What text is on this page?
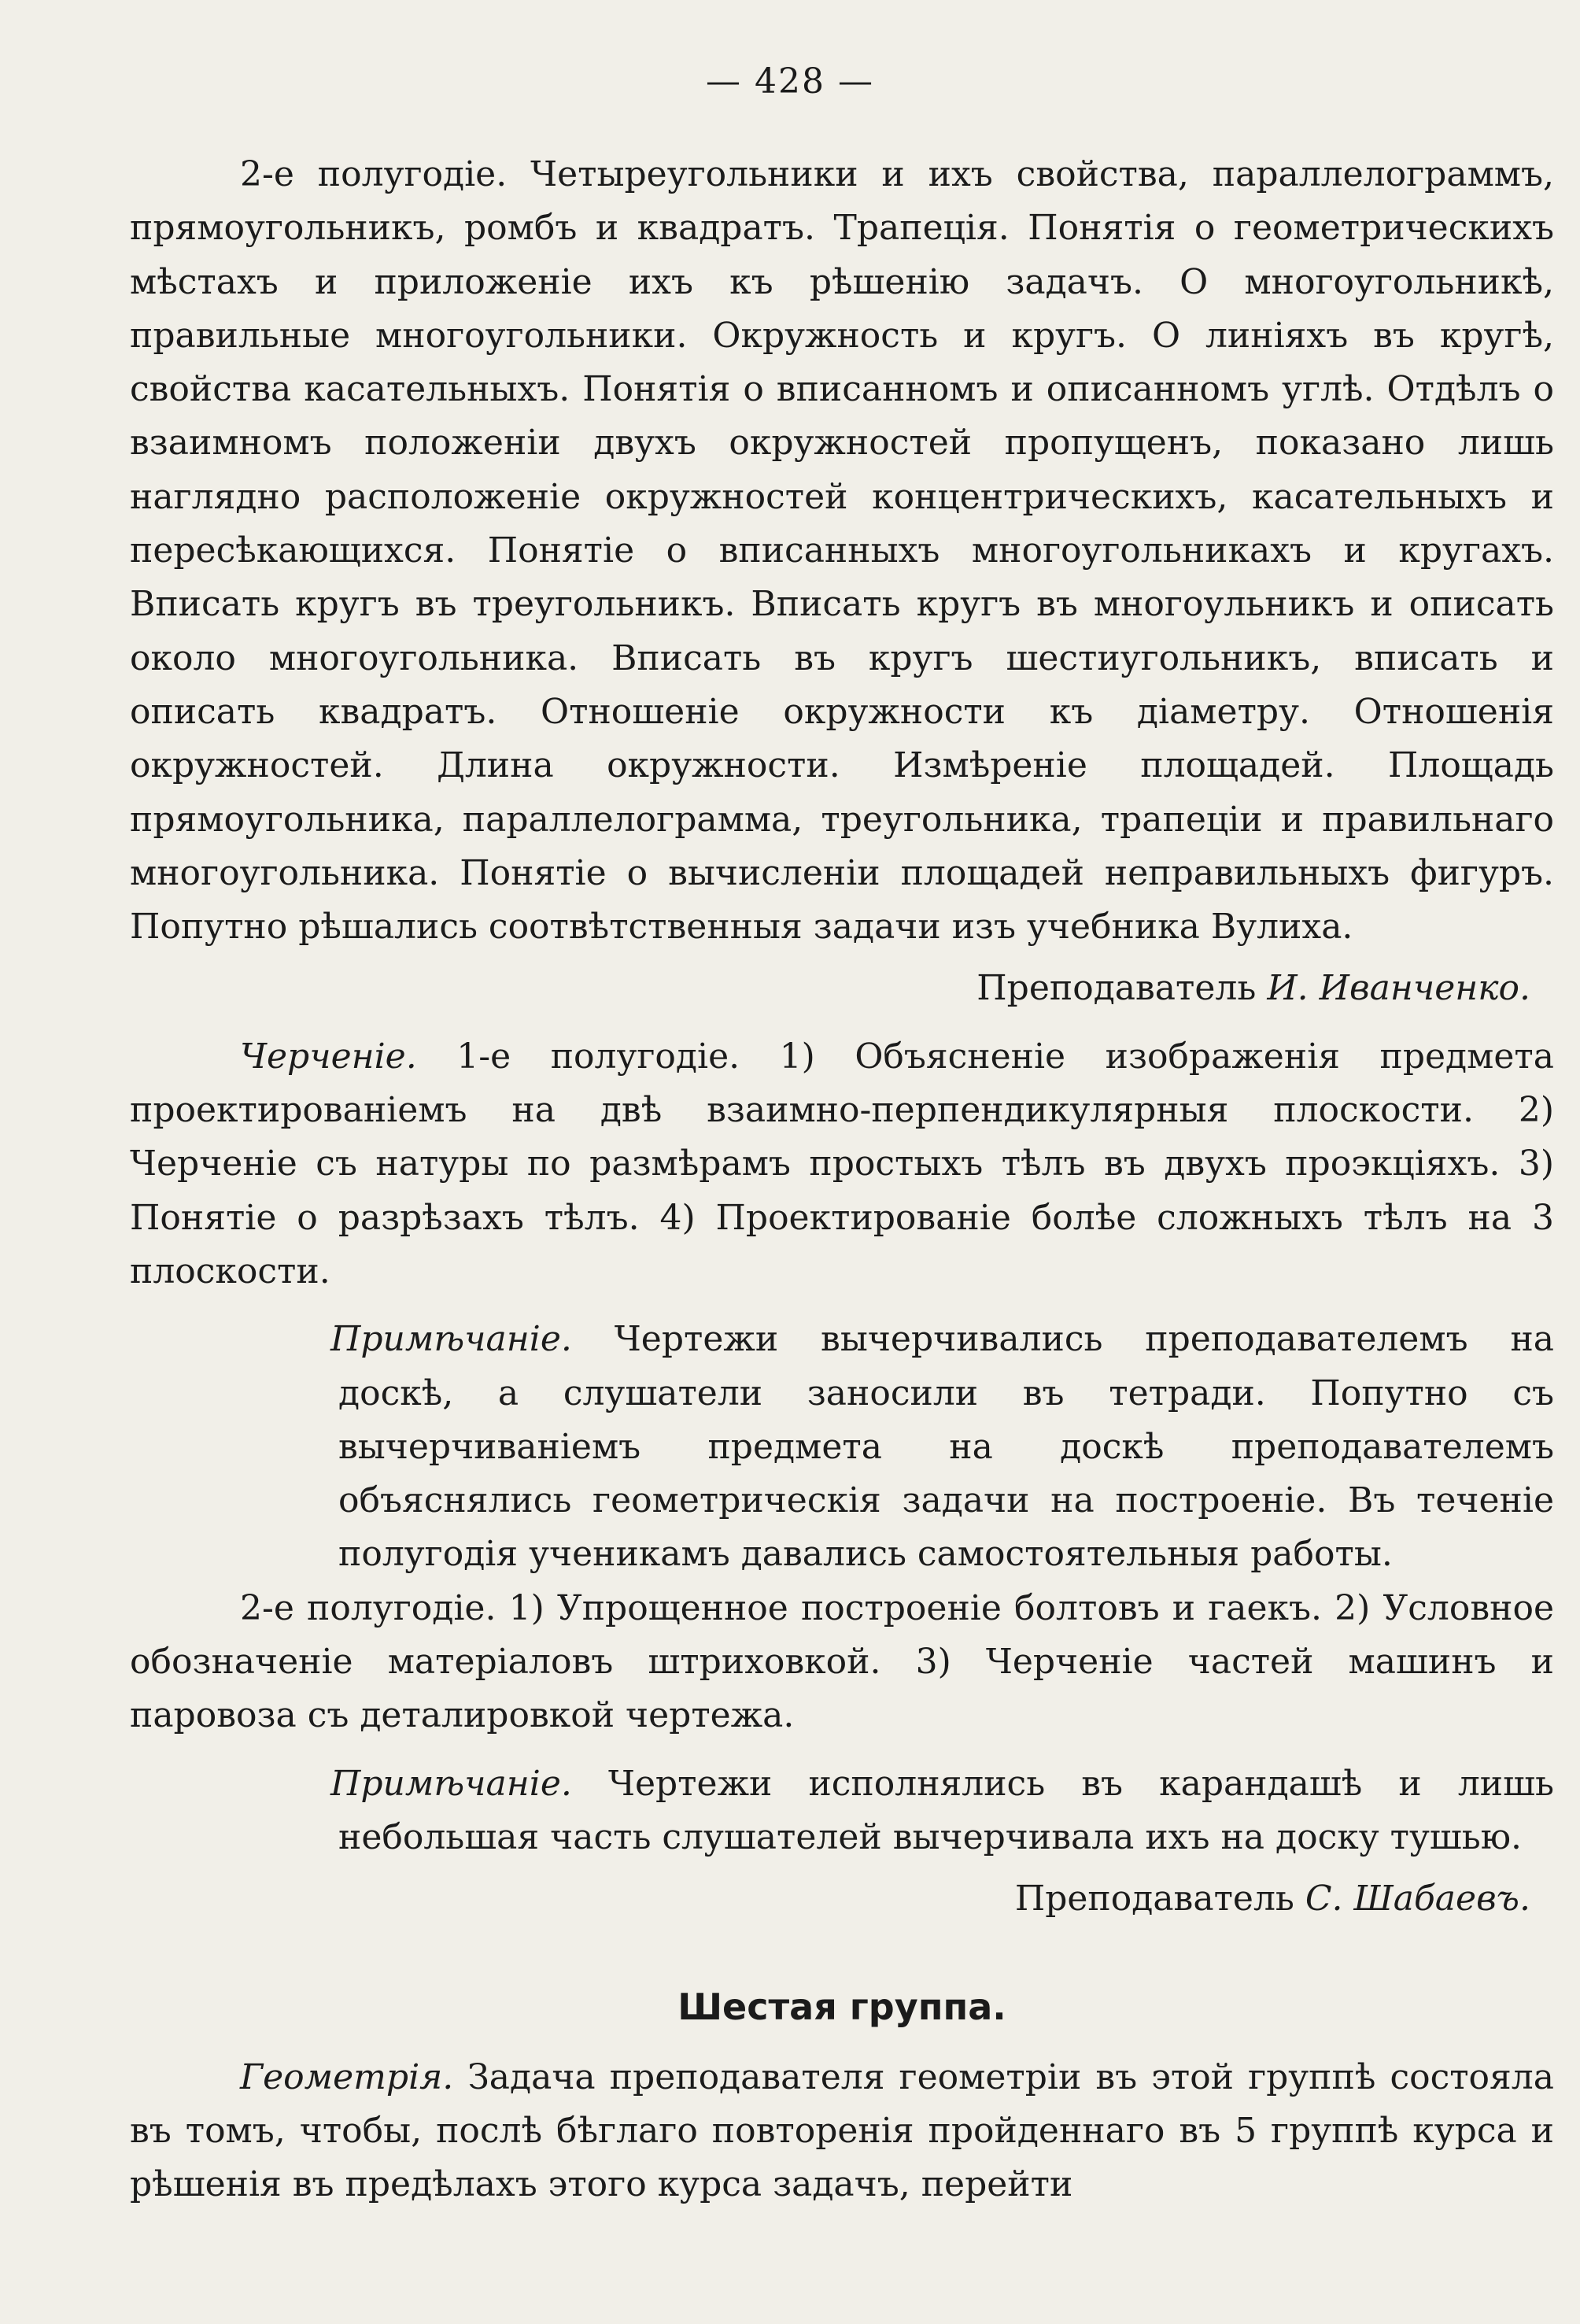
— 428 —

2-е полугодіе. Четыреугольники и ихъ свойства, параллелограммъ, прямоугольникъ, ромбъ и квадратъ. Трапеція. Понятія о геометрическихъ мѣстахъ и приложеніе ихъ къ рѣшенію задачъ. О многоугольникѣ, правильные многоугольники. Окружность и кругъ. О линіяхъ въ кругѣ, свойства касательныхъ. Понятія о вписанномъ и описанномъ углѣ. Отдѣлъ о взаимномъ положеніи двухъ окружностей пропущенъ, показано лишь наглядно расположеніе окружностей концентрическихъ, касательныхъ и пересѣкающихся. Понятіе о вписанныхъ многоугольникахъ и кругахъ. Вписать кругъ въ треугольникъ. Вписать кругъ въ многоульникъ и описать около многоугольника. Вписать въ кругъ шестиугольникъ, вписать и описать квадратъ. Отношеніе окружности къ діаметру. Отношенія окружностей. Длина окружности. Измѣреніе площадей. Площадь прямоугольника, параллелограмма, треугольника, трапеціи и правильнаго многоугольника. Понятіе о вычисленіи площадей неправильныхъ фигуръ. Попутно рѣшались соотвѣтственныя задачи изъ учебника Вулиха.

Преподаватель И. Иванченко.

Черченіе. 1-е полугодіе. 1) Объясненіе изображенія предмета проектированіемъ на двѣ взаимно-перпендикулярныя плоскости. 2) Черченіе съ натуры по размѣрамъ простыхъ тѣлъ въ двухъ проэкціяхъ. 3) Понятіе о разрѣзахъ тѣлъ. 4) Проектированіе болѣе сложныхъ тѣлъ на 3 плоскости.

Примѣчаніе. Чертежи вычерчивались преподавателемъ на доскѣ, а слушатели заносили въ тетради. Попутно съ вычерчиваніемъ предмета на доскѣ преподавателемъ объяснялись геометрическія задачи на построеніе. Въ теченіе полугодія ученикамъ давались самостоятельныя работы.

2-е полугодіе. 1) Упрощенное построеніе болтовъ и гаекъ. 2) Условное обозначеніе матеріаловъ штриховкой. 3) Черченіе частей машинъ и паровоза съ деталировкой чертежа.

Примѣчаніе. Чертежи исполнялись въ карандашѣ и лишь небольшая часть слушателей вычерчивала ихъ на доску тушью.

Преподаватель С. Шабаевъ.

Шестая группа.

Геометрія. Задача преподавателя геометріи въ этой группѣ состояла въ томъ, чтобы, послѣ бѣглаго повторенія пройденнаго въ 5 группѣ курса и рѣшенія въ предѣлахъ этого курса задачъ, перейти
